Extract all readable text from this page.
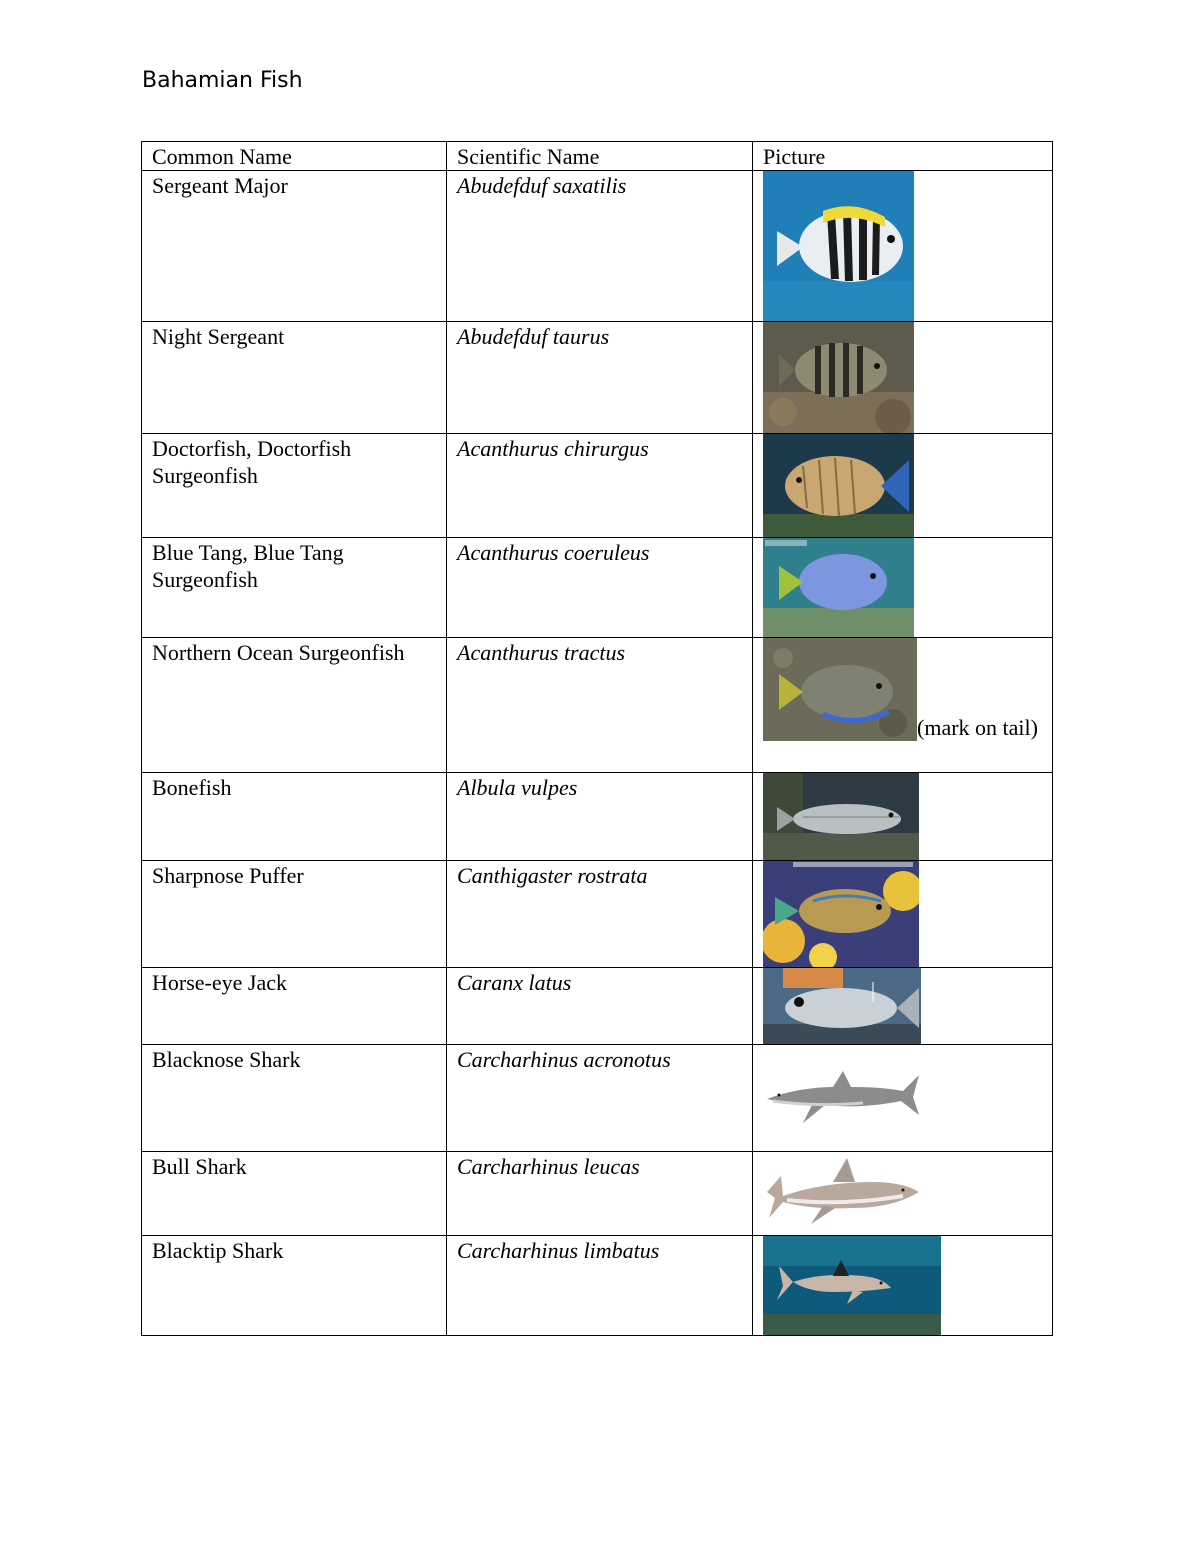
Bahamian Fish
Common Name	Scientific Name	Picture
Sergeant Major	Abudefduf saxatilis	

Night Sergeant	Abudefduf taurus	

Doctorfish, Doctorfish Surgeonfish	Acanthurus chirurgus	

Blue Tang, Blue Tang Surgeonfish	Acanthurus coeruleus	

Northern Ocean Surgeonfish	Acanthurus tractus	(mark on tail)
Bonefish	Albula vulpes	

Sharpnose Puffer	Canthigaster rostrata	

Horse-eye Jack	Caranx latus	

Blacknose Shark	Carcharhinus acronotus	

Bull Shark	Carcharhinus leucas	

Blacktip Shark	Carcharhinus limbatus	
